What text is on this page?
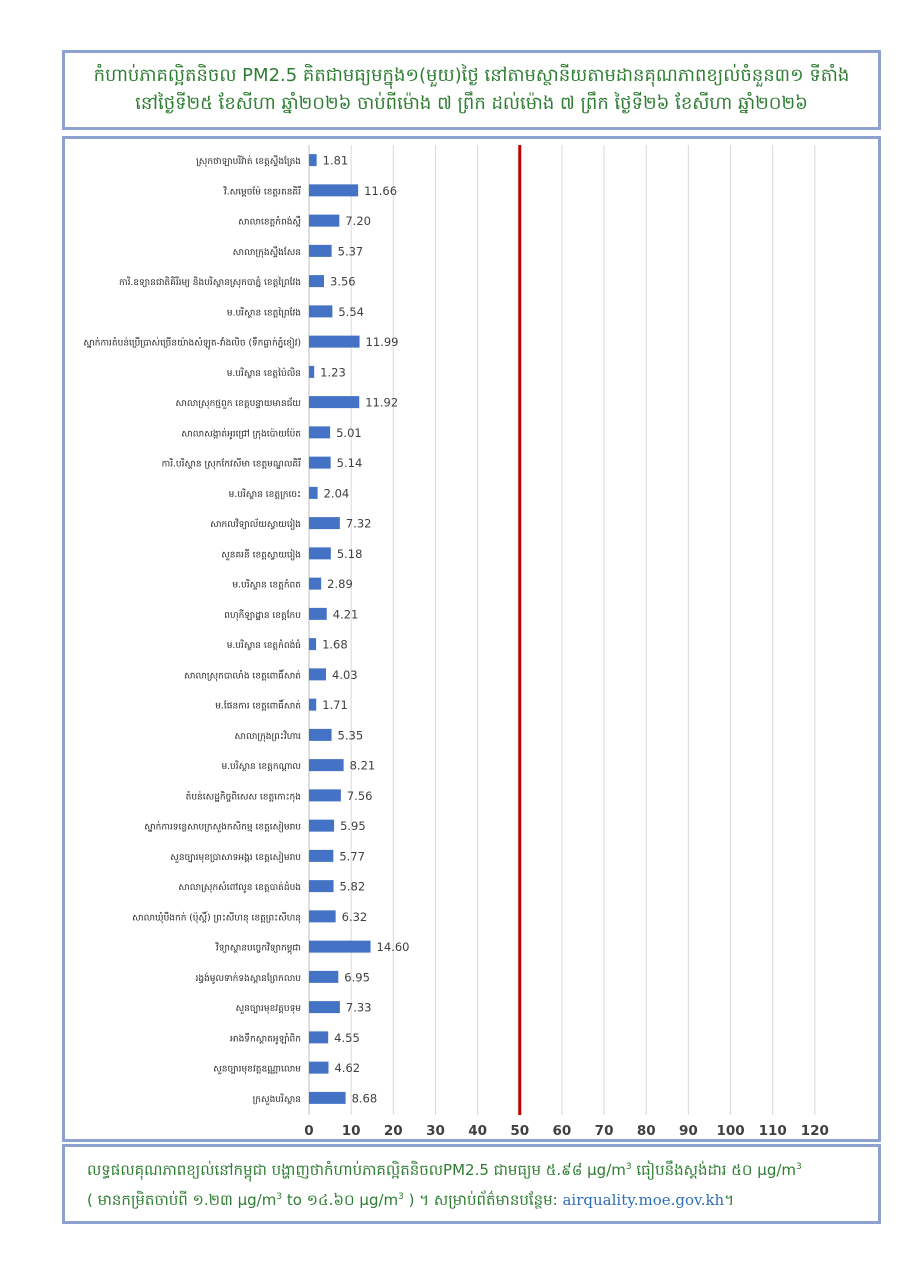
កំហាប់ភាគល្អិតនិចល PM2.5 គិតជាមធ្យមក្នុង១(មួយ)ថ្ងៃ នៅតាមស្ថានីយតាមដានគុណភាពខ្យល់ចំនួន៣១ ទីតាំង
នៅថ្ងៃទី២៥ ខែសីហា ឆ្នាំ២០២៦ ចាប់ពីម៉ោង ៧ ព្រឹក ដល់ម៉ោង ៧ ព្រឹក ថ្ងៃទី២៦ ខែសីហា ឆ្នាំ២០២៦
1.81
ស្រុកថាឡាបរិវ៉ាត់ ខេត្តស្ទឹងត្រែង
11.66
វិ.សម្តេចម៉ែ ខេត្តរតនគិរី
7.20
សាលាខេត្តកំពង់ស្ពឺ
5.37
សាលាក្រុងស្ទឹងសែន
3.56
ការិ.ឧទ្យានជាតិគិរីរម្យ និងបរិស្ថានស្រុកបាភ្នំ ខេត្តព្រៃវែង
5.54
ម.បរិស្ថាន ខេត្តព្រៃវែង
11.99
ស្នាក់ការតំបន់ប្រើប្រាស់ច្រើនយ៉ាងសំឡូត-វាំងលិច (ទឹកធ្លាក់ភ្នំខៀវ)
1.23
ម.បរិស្ថាន ខេត្តប៉ៃលិន
11.92
សាលាស្រុកថ្មពួក ខេត្តបន្ទាយមានជ័យ
5.01
សាលាសង្កាត់អូរជ្រៅ ក្រុងប៉ោយប៉ែត
5.14
ការិ.បរិស្ថាន ស្រុកកែវសីមា ខេត្តមណ្ឌលគិរី
2.04
ម.បរិស្ថាន ខេត្តក្រចេះ
7.32
សាកលវិទ្យាល័យស្វាយរៀង
5.18
សួនគរនី ខេត្តស្វាយរៀង
2.89
ម.បរិស្ថាន ខេត្តកំពត
4.21
ពហុកីឡាដ្ឋាន ខេត្តកែប
1.68
ម.បរិស្ថាន ខេត្តកំពង់ធំ
4.03
សាលាស្រុកបាលាំង ខេត្តពោធិ៍សាត់
1.71
ម.ផែនការ ខេត្តពោធិ៍សាត់
5.35
សាលាក្រុងព្រះវិហារ
8.21
ម.បរិស្ថាន ខេត្តកណ្តាល
7.56
តំបន់សេដ្ឋកិច្ចពិសេស ខេត្តកោះកុង
5.95
ស្នាក់ការទន្លេសាបក្រសួងកសិកម្ម ខេត្តសៀមរាប
5.77
សួនច្បារមុខប្រាសាទអង្គរ ខេត្តសៀមរាប
5.82
សាលាស្រុកសំពៅលូន ខេត្តបាត់ដំបង
6.32
សាលាឃុំបឹងកក់ (ប៉ុស្តិ៍) ព្រះសីហនុ ខេត្តព្រះសីហនុ
14.60
វិទ្យាស្ថានបច្ចេកវិទ្យាកម្ពុជា
6.95
រង្វង់មូលទាក់ទងស្ពានព្រែកលាប
7.33
សួនច្បារមុខវត្តបទុម
4.55
អាងទឹកស្តាតអូឡាំពិក
4.62
សួនច្បារមុខវត្តឧណ្ណាលោម
8.68
ក្រសួងបរិស្ថាន
0 10 20 30 40 50 60 70 80 90 100 110 120
លទ្ធផលគុណភាពខ្យល់នៅកម្ពុជា បង្ហាញថាកំហាប់ភាគល្អិតនិចលPM2.5 ជាមធ្យម ៥.៩៨ $\mu g/m^3$ ធៀបនឹងស្តង់ដារ ៥០ $\mu g/m^3$
( មានកម្រិតចាប់ពី ១.២៣ $\mu g/m^3$ to ១៤.៦០ $\mu g/m^3$ ) ។ សម្រាប់ព័ត៌មានបន្ថែម: airquality.moe.gov.kh។
